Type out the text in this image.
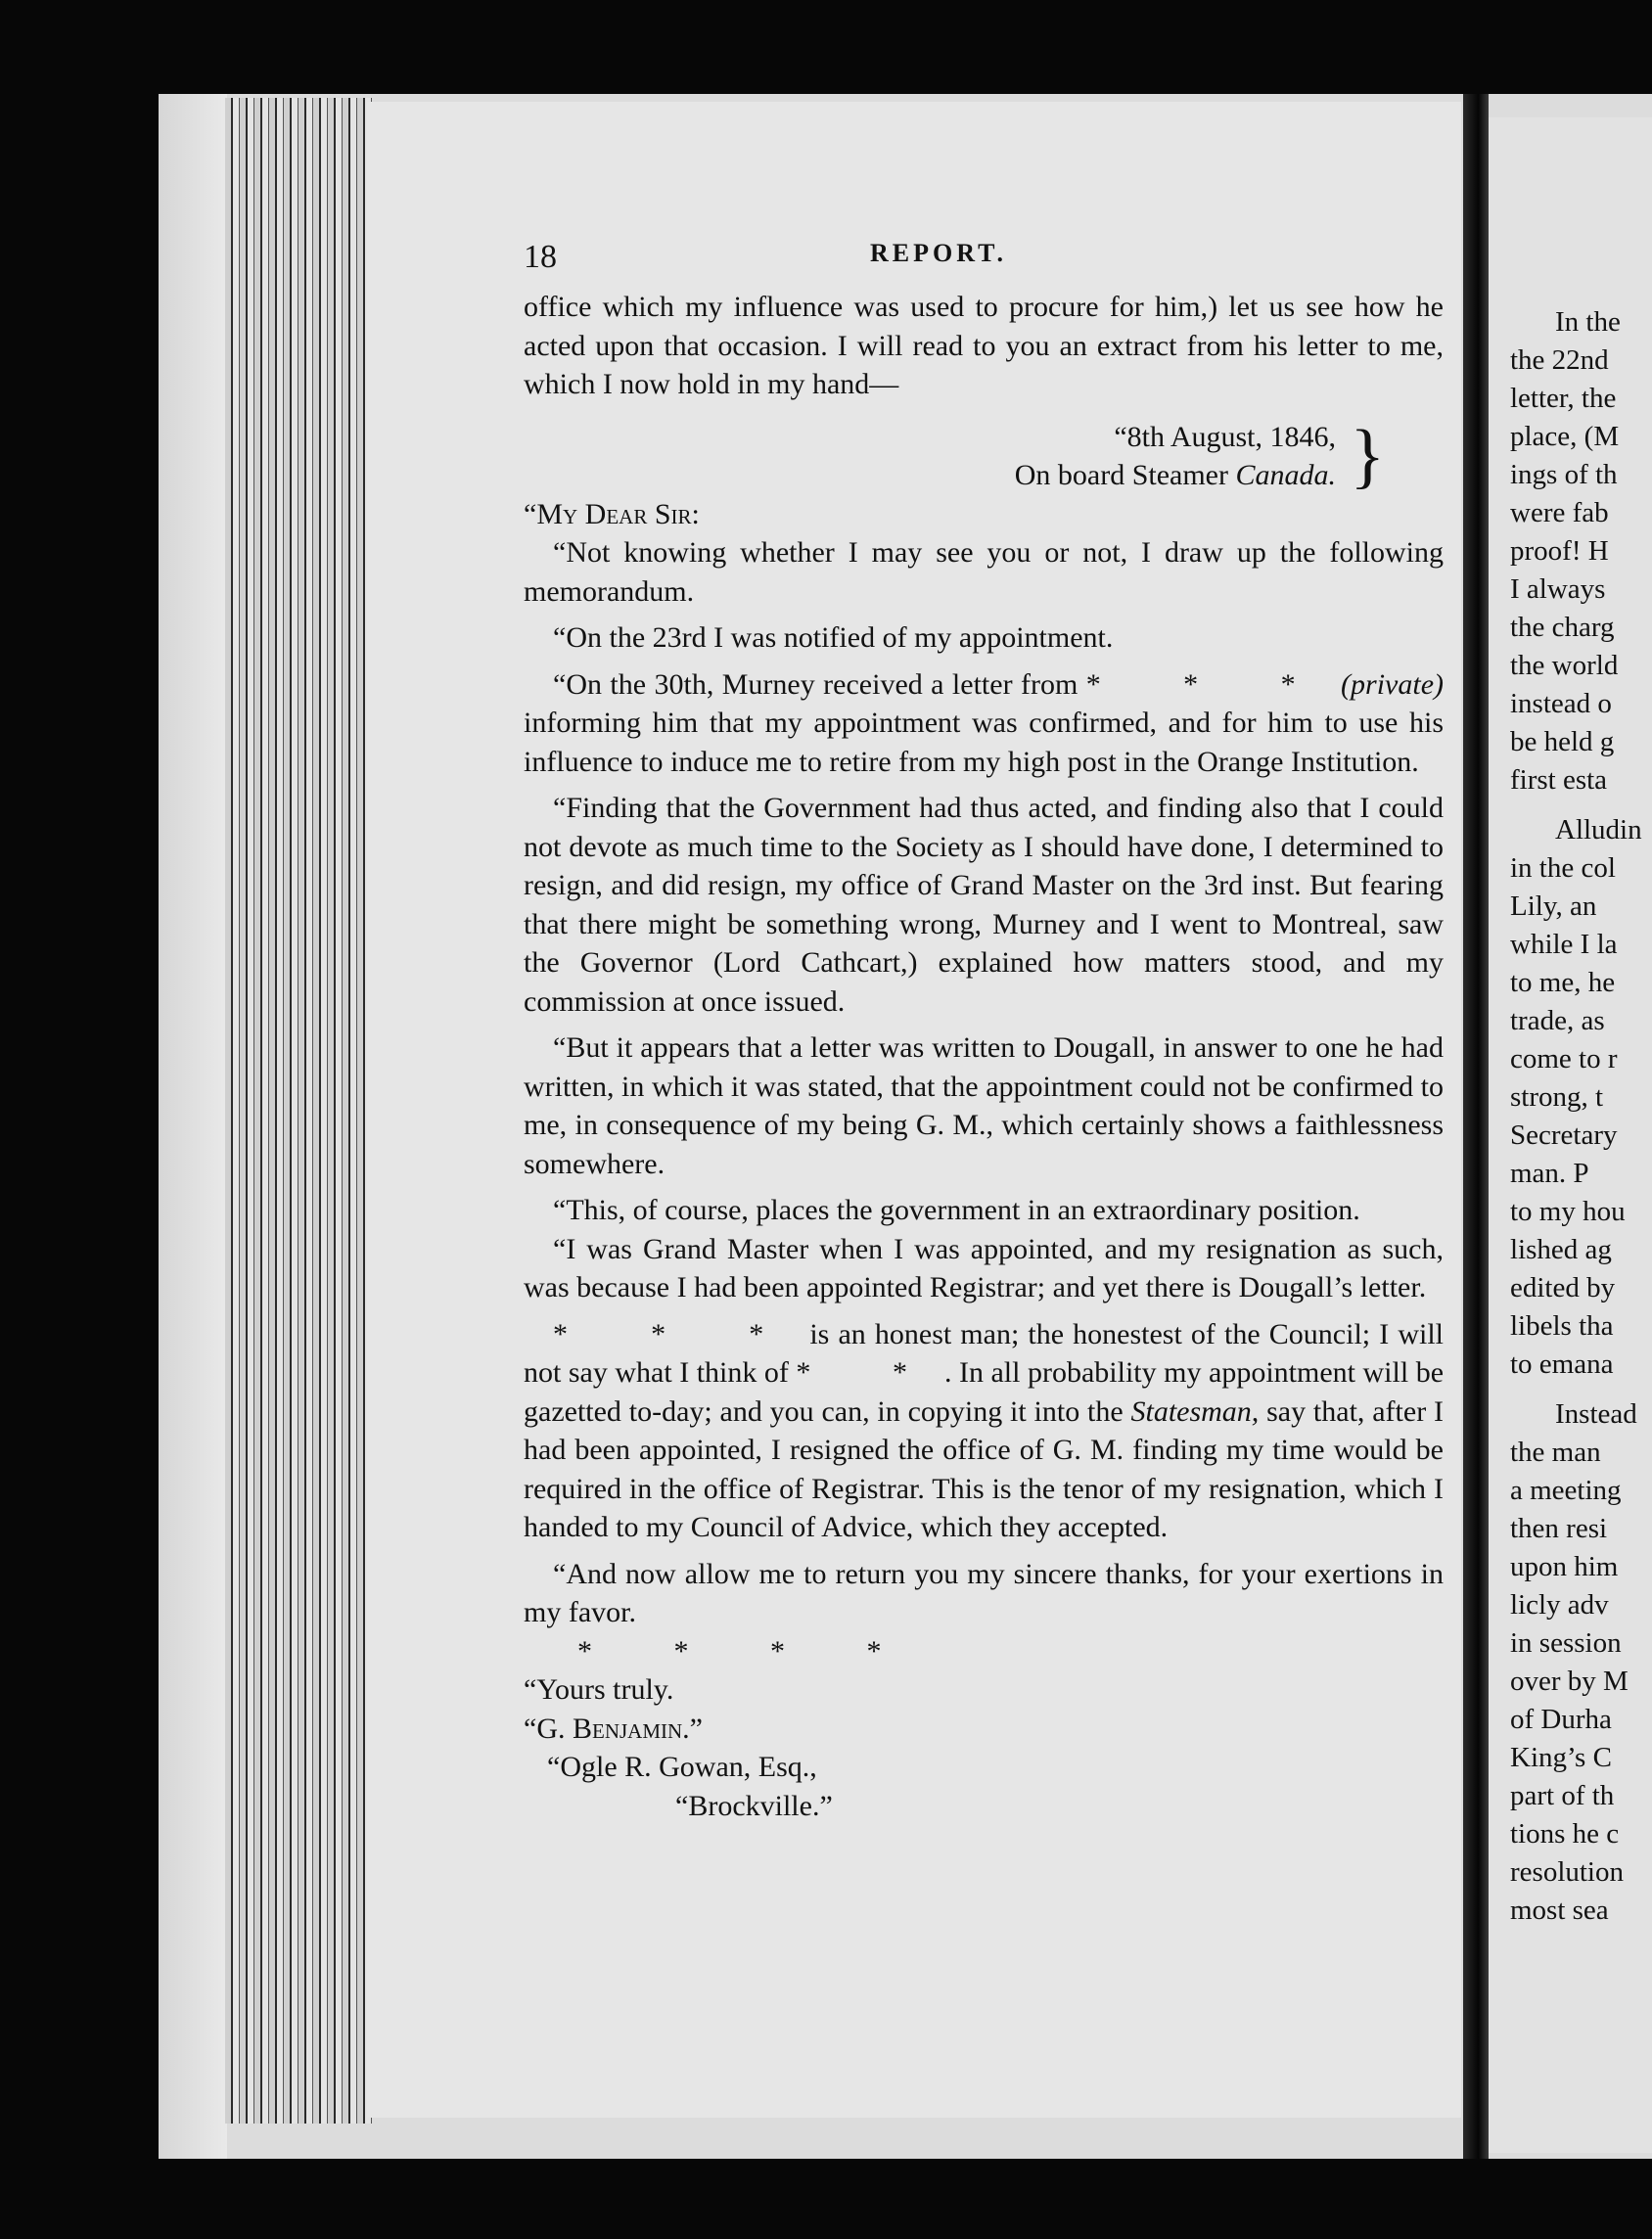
18	REPORT.

office which my influence was used to procure for him,) let us see how he acted upon that occasion. I will read to you an extract from his letter to me, which I now hold in my hand—

“8th August, 1846,
On board Steamer Canada. }

“My Dear Sir:

“Not knowing whether I may see you or not, I draw up the following memorandum.

“On the 23rd I was notified of my appointment.

“On the 30th, Murney received a letter from * * * (private) informing him that my appointment was confirmed, and for him to use his influence to induce me to retire from my high post in the Orange Institution.

“Finding that the Government had thus acted, and finding also that I could not devote as much time to the Society as I should have done, I determined to resign, and did resign, my office of Grand Master on the 3rd inst. But fearing that there might be something wrong, Murney and I went to Montreal, saw the Governor (Lord Cathcart,) explained how matters stood, and my commission at once issued.

“But it appears that a letter was written to Dougall, in answer to one he had written, in which it was stated, that the appointment could not be confirmed to me, in consequence of my being G. M., which certainly shows a faithlessness somewhere.

“This, of course, places the government in an extraordinary position.

“I was Grand Master when I was appointed, and my resignation as such, was because I had been appointed Registrar; and yet there is Dougall’s letter.

* * * is an honest man; the honestest of the Council; I will not say what I think of * *. In all probability my appointment will be gazetted to-day; and you can, in copying it into the Statesman, say that, after I had been appointed, I resigned the office of G. M. finding my time would be required in the office of Registrar. This is the tenor of my resignation, which I handed to my Council of Advice, which they accepted.

“And now allow me to return you my sincere thanks, for your exertions in my favor.

* * * *

“Yours truly.

“G. Benjamin.”

“Ogle R. Gowan, Esq.,

“Brockville.”

In the
the 22nd
letter, the
place, (M
ings of th
were fab
proof! H
I always
the charg
the world
instead o
be held g
first esta
Alludin
in the col
Lily, an
while I la
to me, he
trade, as
come to r
strong, t
Secretary
man. P
to my hou
lished ag
edited by
libels tha
to emana
Instead
the man
a meeting
then resi
upon him
licly adv
in session
over by M
of Durha
King’s C
part of th
tions he c
resolution
most sea
